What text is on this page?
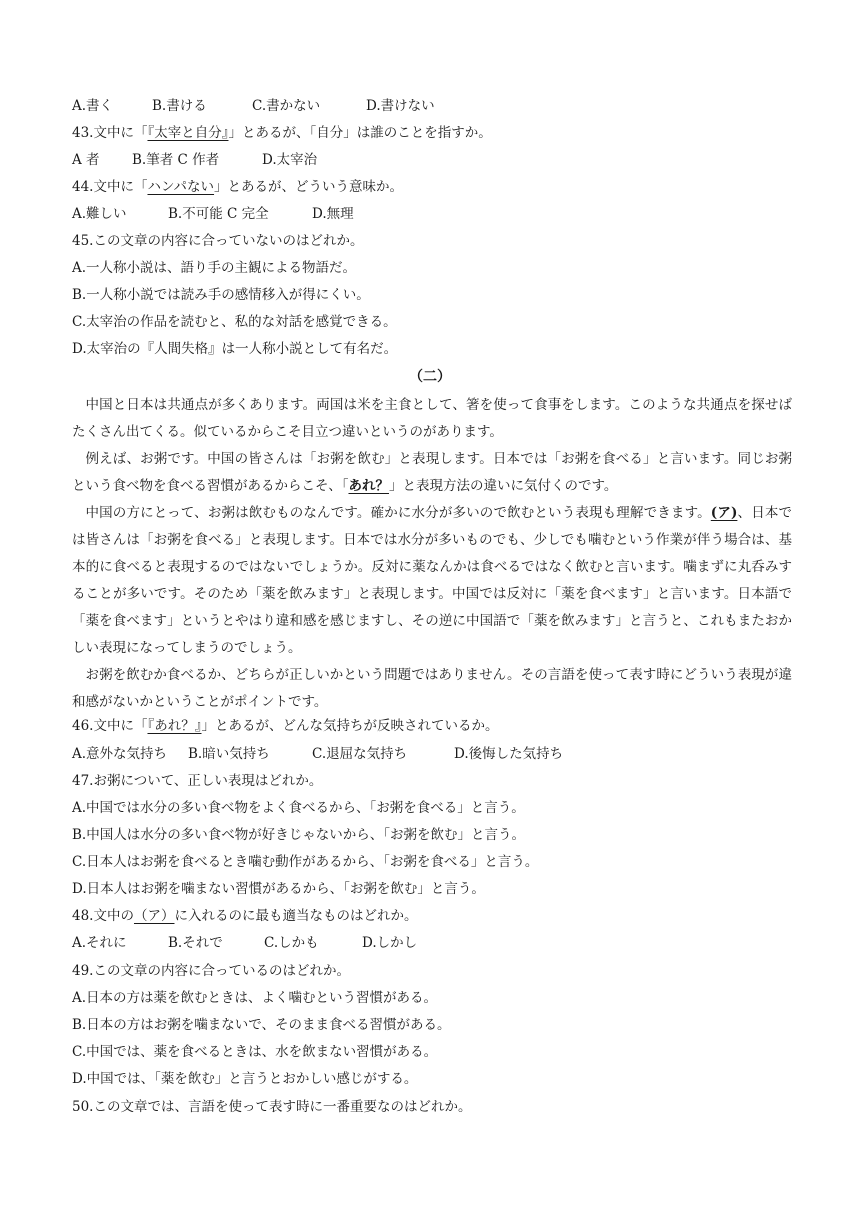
A.書く	B.書ける	C.書かない	D.書けない
43.文中に「『太宰と自分』」とあるが、「自分」は誰のことを指すか。
A 者 B.筆者 C 作者	D.太宰治
44.文中に「ハンパない」とあるが、どういう意味か。
A.難しい	B.不可能 C 完全	D.無理
45.この文章の内容に合っていないのはどれか。
A.一人称小説は、語り手の主観による物語だ。
B.一人称小説では読み手の感情移入が得にくい。
C.太宰治の作品を読むと、私的な対話を感覚できる。
D.太宰治の『人間失格』は一人称小説として有名だ。
（二）

中国と日本は共通点が多くあります。両国は米を主食として、箸を使って食事をします。このような共通点を探せばたくさん出てくる。似ているからこそ目立つ違いというのがあります。

例えば、お粥です。中国の皆さんは「お粥を飲む」と表現します。日本では「お粥を食べる」と言います。同じお粥という食べ物を食べる習慣があるからこそ、「あれ？」と表現方法の違いに気付くのです。

中国の方にとって、お粥は飲むものなんです。確かに水分が多いので飲むという表現も理解できます。(ア)、日本では皆さんは「お粥を食べる」と表現します。日本では水分が多いものでも、少しでも噛むという作業が伴う場合は、基本的に食べると表現するのではないでしょうか。反対に薬なんかは食べるではなく飲むと言います。噛まずに丸呑みすることが多いです。そのため「薬を飲みます」と表現します。中国では反対に「薬を食べます」と言います。日本語で「薬を食べます」というとやはり違和感を感じますし、その逆に中国語で「薬を飲みます」と言うと、これもまたおかしい表現になってしまうのでしょう。

お粥を飲むか食べるか、どちらが正しいかという問題ではありません。その言語を使って表す時にどういう表現が違和感がないかということがポイントです。

46.文中に「『あれ？』」とあるが、どんな気持ちが反映されているか。
A.意外な気持ち B.暗い気持ち	C.退屈な気持ち	D.後悔した気持ち
47.お粥について、正しい表現はどれか。
A.中国では水分の多い食べ物をよく食べるから、「お粥を食べる」と言う。
B.中国人は水分の多い食べ物が好きじゃないから、「お粥を飲む」と言う。
C.日本人はお粥を食べるとき噛む動作があるから、「お粥を食べる」と言う。
D.日本人はお粥を噛まない習慣があるから、「お粥を飲む」と言う。
48.文中の（ア）に入れるのに最も適当なものはどれか。
A.それに	B.それで	C.しかも	D.しかし
49.この文章の内容に合っているのはどれか。
A.日本の方は薬を飲むときは、よく噛むという習慣がある。
B.日本の方はお粥を噛まないで、そのまま食べる習慣がある。
C.中国では、薬を食べるときは、水を飲まない習慣がある。
D.中国では、「薬を飲む」と言うとおかしい感じがする。
50.この文章では、言語を使って表す時に一番重要なのはどれか。
